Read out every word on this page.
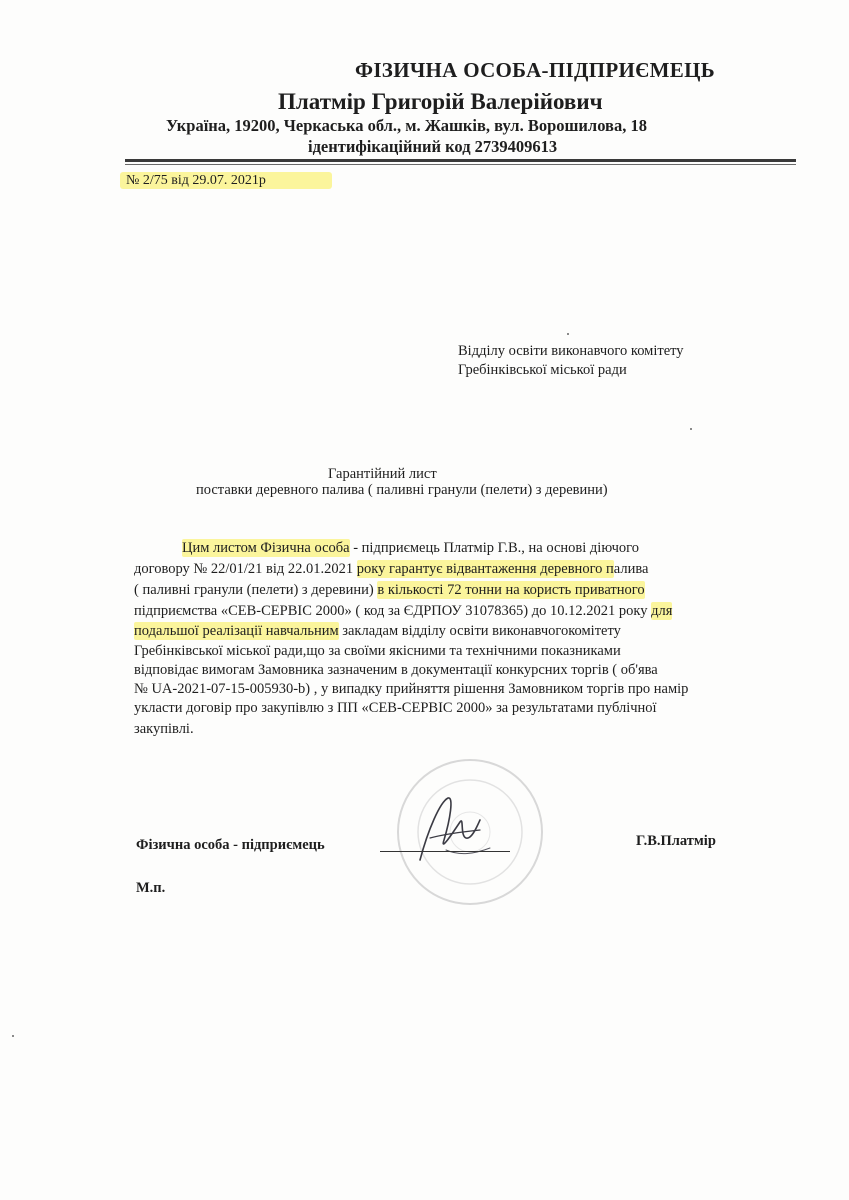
ФІЗИЧНА ОСОБА-ПІДПРИЄМЕЦЬ
Платмір Григорій Валерійович
Україна, 19200, Черкаська обл., м. Жашків, вул. Ворошилова, 18
ідентифікаційний код 2739409613
№ 2/75 від 29.07. 2021р
Відділу освіти виконавчого комітету
Гребінківської міської ради
Гарантійний лист
поставки деревного палива ( паливні гранули (пелети) з деревини)
Цим листом Фізична особа - підприємець Платмір Г.В., на основі діючого
договору № 22/01/21 від 22.01.2021 року гарантує відвантаження деревного палива
( паливні гранули (пелети) з деревини) в кількості 72 тонни на користь приватного
підприємства «СЕВ-СЕРВІС 2000» ( код за ЄДРПОУ 31078365) до 10.12.2021 року для
подальшої реалізації навчальним закладам відділу освіти виконавчогокомітету
Гребінківської міської ради,що за своїми якісними та технічними показниками
відповідає вимогам Замовника зазначеним в документації конкурсних торгів ( об'ява
№ UA-2021-07-15-005930-b) , у випадку прийняття рішення Замовником торгів про намір
укласти договір про закупівлю з ПП «СЕВ-СЕРВІС 2000» за результатами публічної
закупівлі.
Фізична особа - підприємець	Г.В.Платмір
М.п.
